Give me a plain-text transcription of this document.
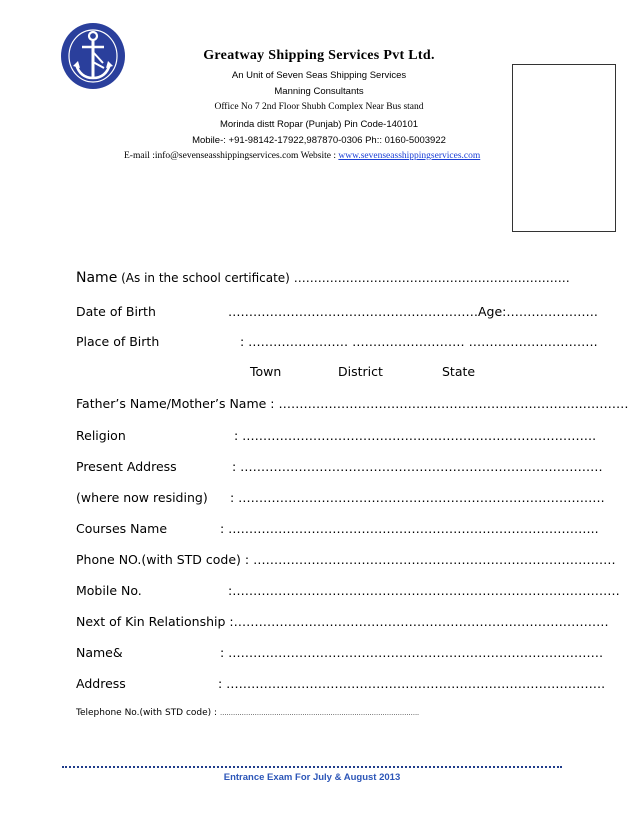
Greatway Shipping Services Pvt Ltd.
An Unit of Seven Seas Shipping Services
Manning Consultants
Office No 7 2nd Floor Shubh Complex Near Bus stand
Morinda distt Ropar (Punjab) Pin Code-140101
Mobile-: +91-98142-17922,987870-0306 Ph:: 0160-5003922
E-mail :info@sevenseasshippingservices.com Website : www.sevenseasshippingservices.com
Name (As in the school certificate) ……………………………………………………………
Date of Birth	……………………………………………………Age:………………….
Place of Birth	: …………………… ……………………… ………………………….
Town	District	State
Father’s Name/Mother’s Name : …………………………………………………………………………
Religion	: ………………………………………………………………………….
Present Address	: ……………………………………………………………………………
(where now residing) : …………………………………………………………………………….
Courses Name	: ……………………………………………………………………………..
Phone NO.(with STD code) : ……………………………………………………………………………
Mobile No.	:…………………………………………………………………………………
Next of Kin Relationship :………………………………………………………………………………
Name&	: ………………………………………………………………………………
Address	: ……………………………………………………………………………….
Telephone No.(with STD code) : ………………………………………………………………………………..
Entrance Exam For July & August 2013
